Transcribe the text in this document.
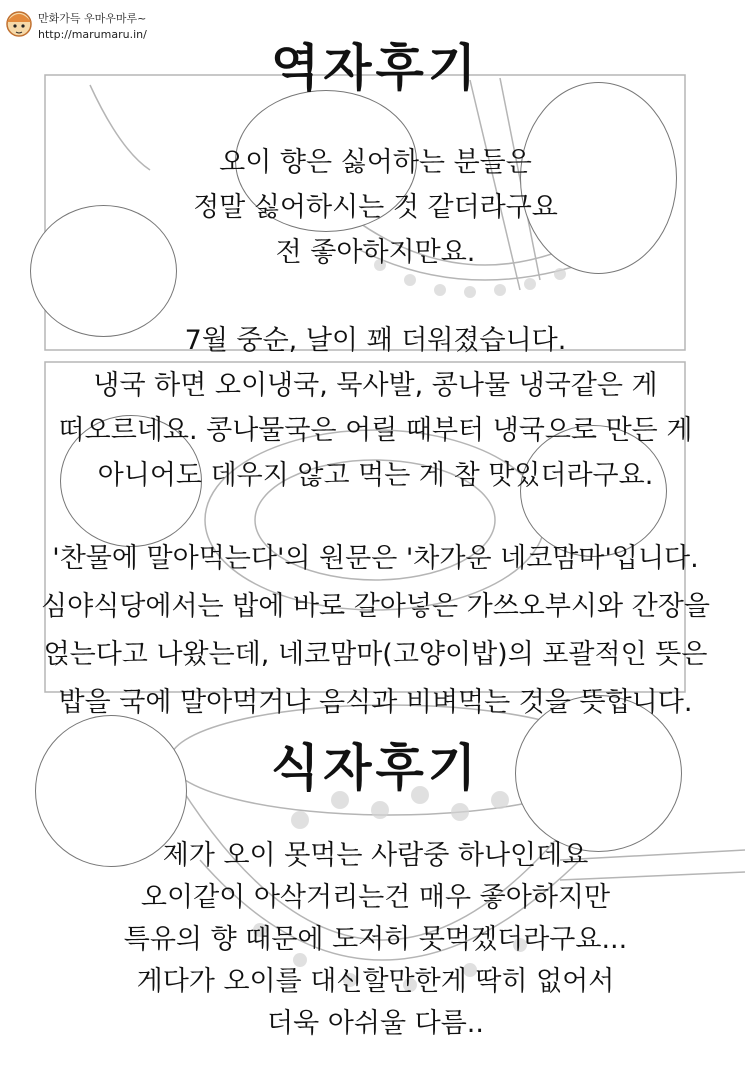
만화가득 우마우마루~
http://marumaru.in/
역자후기
식자후기
오이 향은 싫어하는 분들은
정말 싫어하시는 것 같더라구요
전 좋아하지만요.
7월 중순, 날이 꽤 더워졌습니다.
냉국 하면 오이냉국, 묵사발, 콩나물 냉국같은 게
떠오르네요. 콩나물국은 어릴 때부터 냉국으로 만든 게
아니어도 데우지 않고 먹는 게 참 맛있더라구요.
'찬물에 말아먹는다'의 원문은 '차가운 네코맘마'입니다.
심야식당에서는 밥에 바로 갈아넣은 가쓰오부시와 간장을
얹는다고 나왔는데, 네코맘마(고양이밥)의 포괄적인 뜻은
밥을 국에 말아먹거나 음식과 비벼먹는 것을 뜻합니다.
제가 오이 못먹는 사람중 하나인데요
오이같이 아삭거리는건 매우 좋아하지만
특유의 향 때문에 도저히 못먹겠더라구요...
게다가 오이를 대신할만한게 딱히 없어서
더욱 아쉬울 다름..
